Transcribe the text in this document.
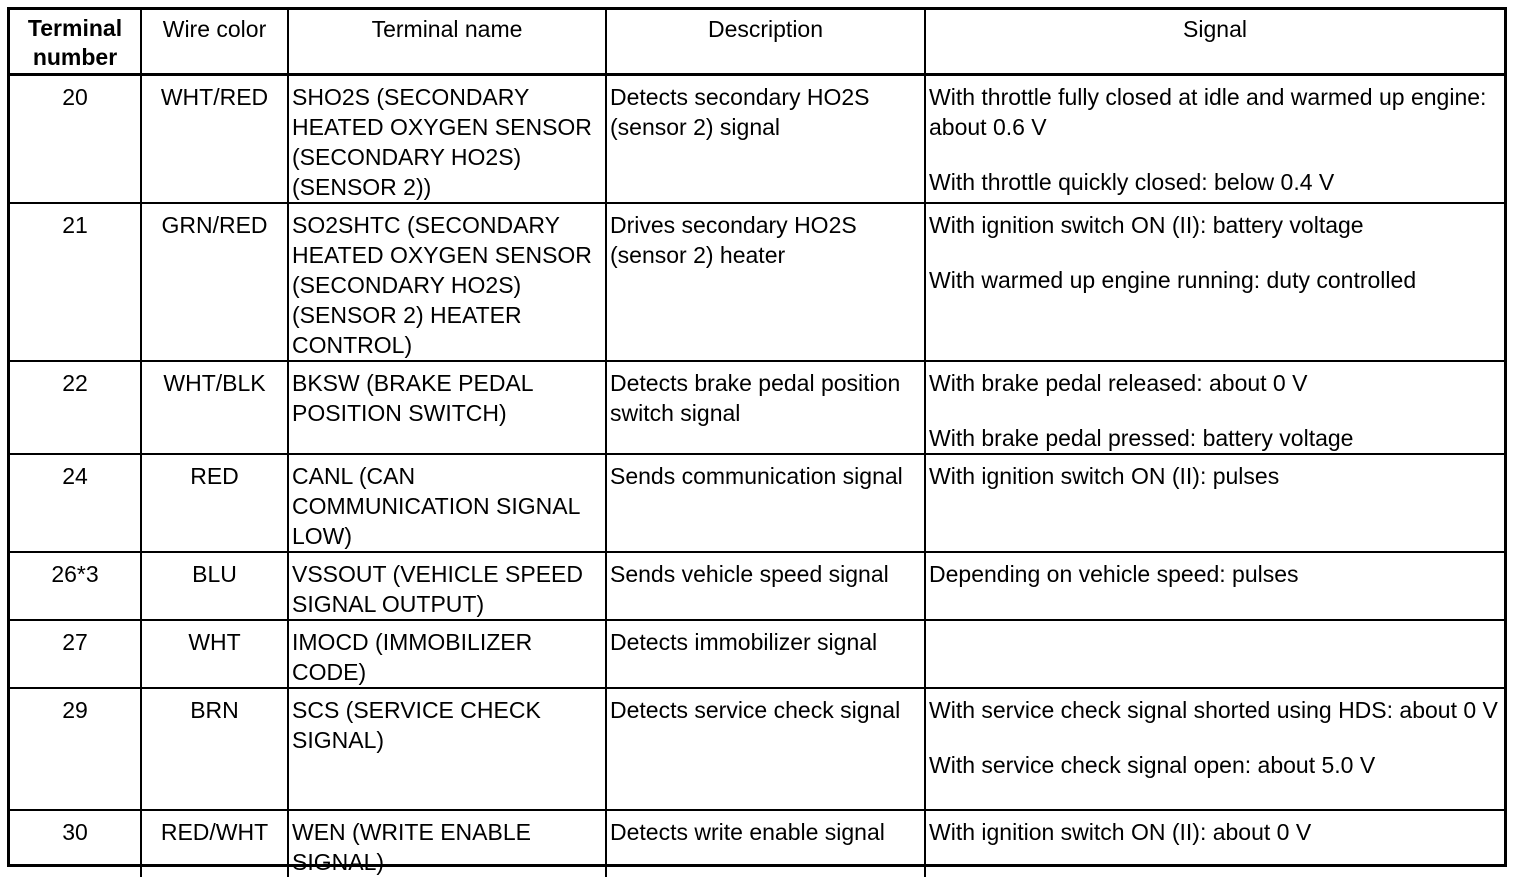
Terminal
number	Wire color	Terminal name	Description	Signal
20	WHT/RED	SHO2S (SECONDARY HEATED OXYGEN SENSOR (SECONDARY HO2S) (SENSOR 2))	Detects secondary HO2S (sensor 2) signal	With throttle fully closed at idle and warmed up engine: about 0.6 V
With throttle quickly closed: below 0.4 V

21	GRN/RED	SO2SHTC (SECONDARY HEATED OXYGEN SENSOR (SECONDARY HO2S) (SENSOR 2) HEATER CONTROL)	Drives secondary HO2S (sensor 2) heater	With ignition switch ON (II): battery voltage
With warmed up engine running: duty controlled

22	WHT/BLK	BKSW (BRAKE PEDAL POSITION SWITCH)	Detects brake pedal position switch signal	With brake pedal released: about 0 V
With brake pedal pressed: battery voltage

24	RED	CANL (CAN COMMUNICATION SIGNAL LOW)	Sends communication signal	With ignition switch ON (II): pulses

26*3	BLU	VSSOUT (VEHICLE SPEED SIGNAL OUTPUT)	Sends vehicle speed signal	Depending on vehicle speed: pulses

27	WHT	IMOCD (IMMOBILIZER CODE)	Detects immobilizer signal	
29	BRN	SCS (SERVICE CHECK SIGNAL)	Detects service check signal	With service check signal shorted using HDS: about 0 V
With service check signal open: about 5.0 V

30	RED/WHT	WEN (WRITE ENABLE SIGNAL)	Detects write enable signal	With ignition switch ON (II): about 0 V
